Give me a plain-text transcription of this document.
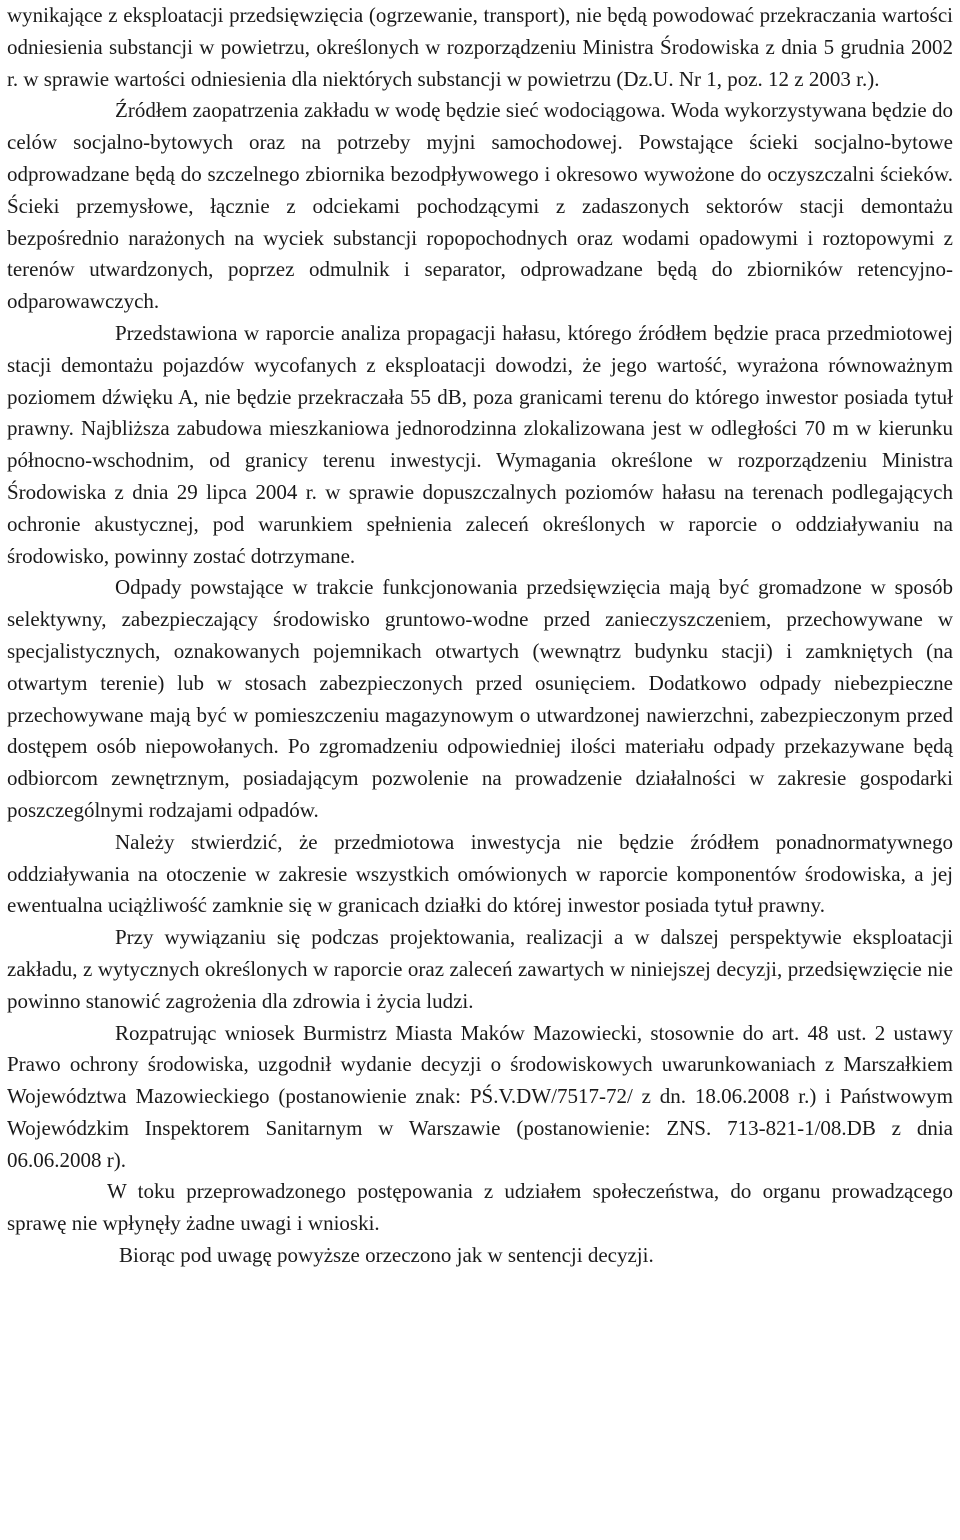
wynikające z eksploatacji przedsięwzięcia (ogrzewanie, transport), nie będą powodować przekraczania wartości odniesienia substancji w powietrzu, określonych w rozporządzeniu Ministra Środowiska z dnia 5 grudnia 2002 r. w sprawie wartości odniesienia dla niektórych substancji w powietrzu (Dz.U. Nr 1, poz. 12 z 2003 r.).

Źródłem zaopatrzenia zakładu w wodę będzie sieć wodociągowa. Woda wykorzystywana będzie do celów socjalno-bytowych oraz na potrzeby myjni samochodowej. Powstające ścieki socjalno-bytowe odprowadzane będą do szczelnego zbiornika bezodpływowego i okresowo wywożone do oczyszczalni ścieków. Ścieki przemysłowe, łącznie z odciekami pochodzącymi z zadaszonych sektorów stacji demontażu bezpośrednio narażonych na wyciek substancji ropopochodnych oraz wodami opadowymi i roztopowymi z terenów utwardzonych, poprzez odmulnik i separator, odprowadzane będą do zbiorników retencyjno-odparowawczych.

Przedstawiona w raporcie analiza propagacji hałasu, którego źródłem będzie praca przedmiotowej stacji demontażu pojazdów wycofanych z eksploatacji dowodzi, że jego wartość, wyrażona równoważnym poziomem dźwięku A, nie będzie przekraczała 55 dB, poza granicami terenu do którego inwestor posiada tytuł prawny. Najbliższa zabudowa mieszkaniowa jednorodzinna zlokalizowana jest w odległości 70 m w kierunku północno-wschodnim, od granicy terenu inwestycji. Wymagania określone w rozporządzeniu Ministra Środowiska z dnia 29 lipca 2004 r. w sprawie dopuszczalnych poziomów hałasu na terenach podlegających ochronie akustycznej, pod warunkiem spełnienia zaleceń określonych w raporcie o oddziaływaniu na środowisko, powinny zostać dotrzymane.

Odpady powstające w trakcie funkcjonowania przedsięwzięcia mają być gromadzone w sposób selektywny, zabezpieczający środowisko gruntowo-wodne przed zanieczyszczeniem, przechowywane w specjalistycznych, oznakowanych pojemnikach otwartych (wewnątrz budynku stacji) i zamkniętych (na otwartym terenie) lub w stosach zabezpieczonych przed osunięciem. Dodatkowo odpady niebezpieczne przechowywane mają być w pomieszczeniu magazynowym o utwardzonej nawierzchni, zabezpieczonym przed dostępem osób niepowołanych. Po zgromadzeniu odpowiedniej ilości materiału odpady przekazywane będą odbiorcom zewnętrznym, posiadającym pozwolenie na prowadzenie działalności w zakresie gospodarki poszczególnymi rodzajami odpadów.

Należy stwierdzić, że przedmiotowa inwestycja nie będzie źródłem ponadnormatywnego oddziaływania na otoczenie w zakresie wszystkich omówionych w raporcie komponentów środowiska, a jej ewentualna uciążliwość zamknie się w granicach działki do której inwestor posiada tytuł prawny.

Przy wywiązaniu się podczas projektowania, realizacji a w dalszej perspektywie eksploatacji zakładu, z wytycznych określonych w raporcie oraz zaleceń zawartych w niniejszej decyzji, przedsięwzięcie nie powinno stanowić zagrożenia dla zdrowia i życia ludzi.

Rozpatrując wniosek Burmistrz Miasta Maków Mazowiecki, stosownie do art. 48 ust. 2 ustawy Prawo ochrony środowiska, uzgodnił wydanie decyzji o środowiskowych uwarunkowaniach z Marszałkiem Województwa Mazowieckiego (postanowienie znak: PŚ.V.DW/7517-72/ z dn. 18.06.2008 r.) i Państwowym Wojewódzkim Inspektorem Sanitarnym w Warszawie (postanowienie: ZNS. 713-821-1/08.DB z dnia 06.06.2008 r).

W toku przeprowadzonego postępowania z udziałem społeczeństwa, do organu prowadzącego sprawę nie wpłynęły żadne uwagi i wnioski.

Biorąc pod uwagę powyższe orzeczono jak w sentencji decyzji.
